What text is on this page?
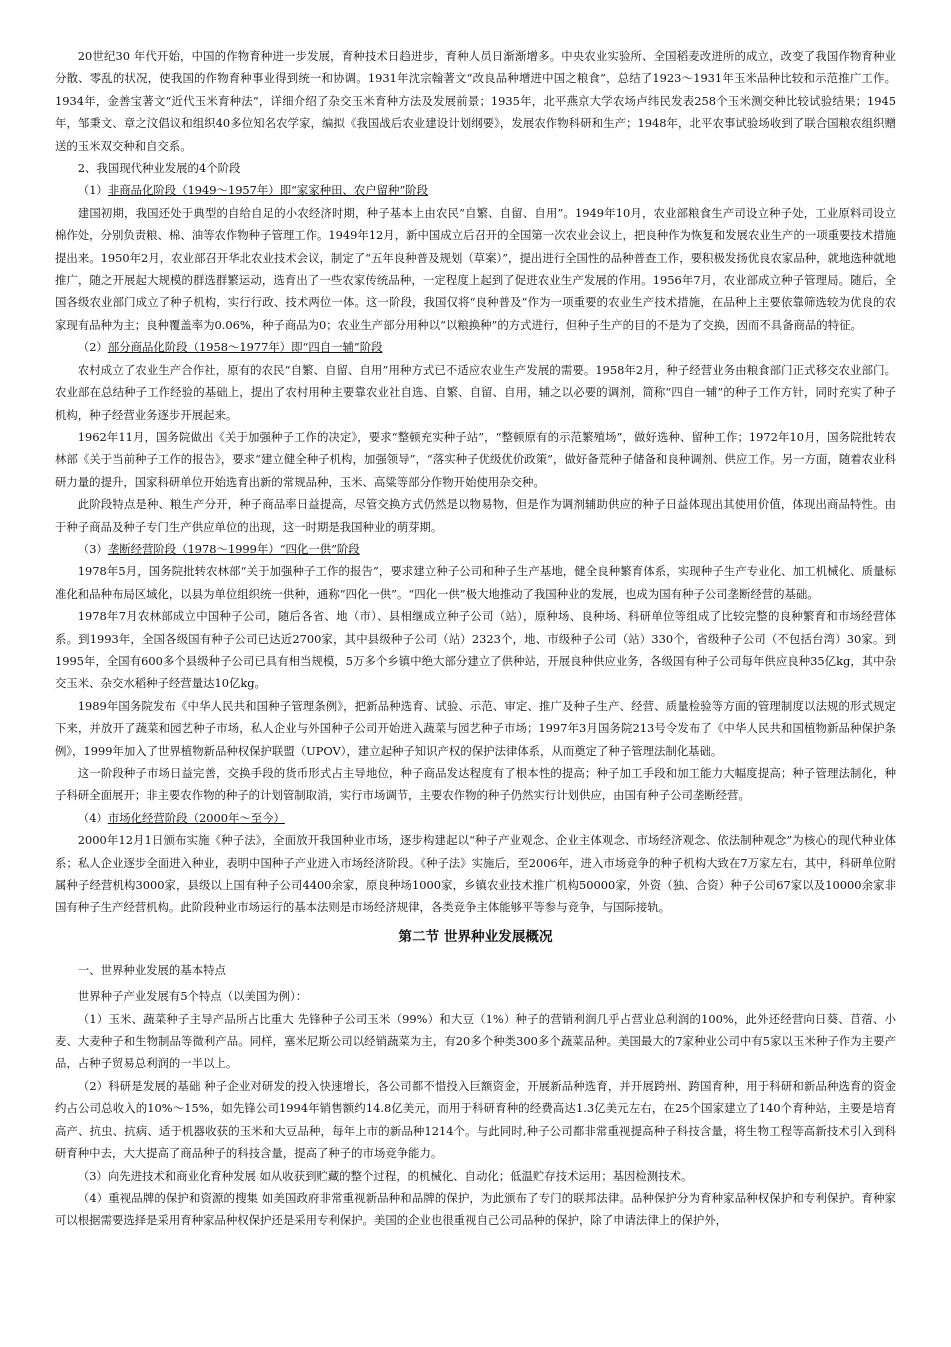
20世纪30 年代开始，中国的作物育种进一步发展，育种技术日趋进步，育种人员日渐渐增多。中央农业实验所、全国稻麦改进所的成立，改变了我国作物育种业分散、零乱的状况，使我国的作物育种事业得到统一和协调。1931年沈宗翰著文“改良品种增进中国之粮食”，总结了1923～1931年玉米品种比较和示范推广工作。1934年，金善宝著文“近代玉米育种法”，详细介绍了杂交玉米育种方法及发展前景；1935年，北平燕京大学农场卢纬民发表258个玉米测交种比较试验结果；1945年，邹秉文、章之汶倡议和组织40多位知名农学家，编拟《我国战后农业建设计划纲要》，发展农作物科研和生产；1948年，北平农事试验场收到了联合国粮农组织赠送的玉米双交种和自交系。

2、我国现代种业发展的4个阶段

（1）非商品化阶段（1949～1957年）即“家家种田、农户留种”阶段

建国初期，我国还处于典型的自给自足的小农经济时期，种子基本上由农民“自繁、自留、自用”。1949年10月，农业部粮食生产司设立种子处，工业原料司设立棉作处，分别负责粮、棉、油等农作物种子管理工作。1949年12月，新中国成立后召开的全国第一次农业会议上，把良种作为恢复和发展农业生产的一项重要技术措施提出来。1950年2月，农业部召开华北农业技术会议，制定了“五年良种普及规划（草案）”，提出进行全国性的品种普查工作，要积极发扬优良农家品种，就地选种就地推广，随之开展起大规模的群选群繁运动，选育出了一些农家传统品种，一定程度上起到了促进农业生产发展的作用。1956年7月，农业部成立种子管理局。随后，全国各级农业部门成立了种子机构，实行行政、技术两位一体。这一阶段，我国仅将“良种普及”作为一项重要的农业生产技术措施，在品种上主要依靠筛选较为优良的农家现有品种为主；良种覆盖率为0.06%，种子商品为0；农业生产部分用种以“以粮换种”的方式进行，但种子生产的目的不是为了交换，因而不具备商品的特征。

（2）部分商品化阶段（1958～1977年）即“四自一辅”阶段

农村成立了农业生产合作社，原有的农民“自繁、自留、自用”用种方式已不适应农业生产发展的需要。1958年2月，种子经营业务由粮食部门正式移交农业部门。农业部在总结种子工作经验的基础上，提出了农村用种主要靠农业社自选、自繁、自留、自用，辅之以必要的调剂，简称“四自一辅”的种子工作方针，同时充实了种子机构，种子经营业务逐步开展起来。

1962年11月，国务院做出《关于加强种子工作的决定》，要求“整顿充实种子站”，“整顿原有的示范繁殖场”，做好选种、留种工作；1972年10月，国务院批转农林部《关于当前种子工作的报告》，要求“建立健全种子机构，加强领导”，“落实种子优级优价政策”，做好备荒种子储备和良种调剂、供应工作。另一方面，随着农业科研力量的提升，国家科研单位开始选育出新的常规品种，玉米、高粱等部分作物开始使用杂交种。

此阶段特点是种、粮生产分开，种子商品率日益提高，尽管交换方式仍然是以物易物，但是作为调剂辅助供应的种子日益体现出其使用价值，体现出商品特性。由于种子商品及种子专门生产供应单位的出现，这一时期是我国种业的萌芽期。

（3）垄断经营阶段（1978～1999年）“四化一供”阶段

1978年5月，国务院批转农林部“关于加强种子工作的报告”，要求建立种子公司和种子生产基地，健全良种繁育体系，实现种子生产专业化、加工机械化、质量标准化和品种布局区域化，以县为单位组织统一供种，通称“四化一供”。“四化一供”极大地推动了我国种业的发展，也成为国有种子公司垄断经营的基础。

1978年7月农林部成立中国种子公司，随后各省、地（市）、县相继成立种子公司（站），原种场、良种场、科研单位等组成了比较完整的良种繁育和市场经营体系。到1993年，全国各级国有种子公司已达近2700家，其中县级种子公司（站）2323个，地、市级种子公司（站）330个，省级种子公司（不包括台湾）30家。到1995年，全国有600多个县级种子公司已具有相当规模，5万多个乡镇中绝大部分建立了供种站，开展良种供应业务，各级国有种子公司每年供应良种35亿kg，其中杂交玉米、杂交水稻种子经营量达10亿kg。

1989年国务院发布《中华人民共和国种子管理条例》，把新品种选育、试验、示范、审定、推广及种子生产、经营、质量检验等方面的管理制度以法规的形式规定下来，并放开了蔬菜和园艺种子市场，私人企业与外国种子公司开始进入蔬菜与园艺种子市场；1997年3月国务院213号令发布了《中华人民共和国植物新品种保护条例》，1999年加入了世界植物新品种权保护联盟（UPOV），建立起种子知识产权的保护法律体系，从而奠定了种子管理法制化基础。

这一阶段种子市场日益完善，交换手段的货币形式占主导地位，种子商品发达程度有了根本性的提高；种子加工手段和加工能力大幅度提高；种子管理法制化，种子科研全面展开；非主要农作物的种子的计划管制取消，实行市场调节，主要农作物的种子仍然实行计划供应，由国有种子公司垄断经营。

（4）市场化经营阶段（2000年～至今）

2000年12月1日颁布实施《种子法》，全面放开我国种业市场，逐步构建起以“种子产业观念、企业主体观念、市场经济观念、依法制种观念”为核心的现代种业体系；私人企业逐步全面进入种业，表明中国种子产业进入市场经济阶段。《种子法》实施后，至2006年，进入市场竞争的种子机构大致在7万家左右，其中，科研单位附属种子经营机构3000家，县级以上国有种子公司4400余家，原良种场1000家，乡镇农业技术推广机构50000家，外资（独、合资）种子公司67家以及10000余家非国有种子生产经营机构。此阶段种业市场运行的基本法则是市场经济规律，各类竞争主体能够平等参与竞争，与国际接轨。

第二节 世界种业发展概况

一、世界种业发展的基本特点

世界种子产业发展有5个特点（以美国为例）：

（1）玉米、蔬菜种子主导产品所占比重大 先锋种子公司玉米（99%）和大豆（1%）种子的营销利润几乎占营业总利润的100%，此外还经营向日葵、苜蓿、小麦、大麦种子和生物制品等微利产品。同样，塞米尼斯公司以经销蔬菜为主，有20多个种类300多个蔬菜品种。美国最大的7家种业公司中有5家以玉米种子作为主要产品，占种子贸易总利润的一半以上。

（2）科研是发展的基础 种子企业对研发的投入快速增长，各公司都不惜投入巨额资金，开展新品种选育，并开展跨州、跨国育种，用于科研和新品种选育的资金约占公司总收入的10%～15%，如先锋公司1994年销售额约14.8亿美元，而用于科研育种的经费高达1.3亿美元左右，在25个国家建立了140个育种站，主要是培育高产、抗虫、抗病、适于机器收获的玉米和大豆品种，每年上市的新品种1214个。与此同时,种子公司都非常重视提高种子科技含量，将生物工程等高新技术引入到科研育种中去，大大提高了商品种子的科技含量，提高了种子的市场竞争能力。

（3）向先进技术和商业化育种发展 如从收获到贮藏的整个过程，的机械化、自动化；低温贮存技术运用；基因检测技术。

（4）重视品牌的保护和资源的搜集 如美国政府非常重视新品种和品牌的保护，为此颁布了专门的联邦法律。品种保护分为育种家品种权保护和专利保护。育种家可以根据需要选择是采用育种家品种权保护还是采用专利保护。美国的企业也很重视自己公司品种的保护，除了申请法律上的保护外，
